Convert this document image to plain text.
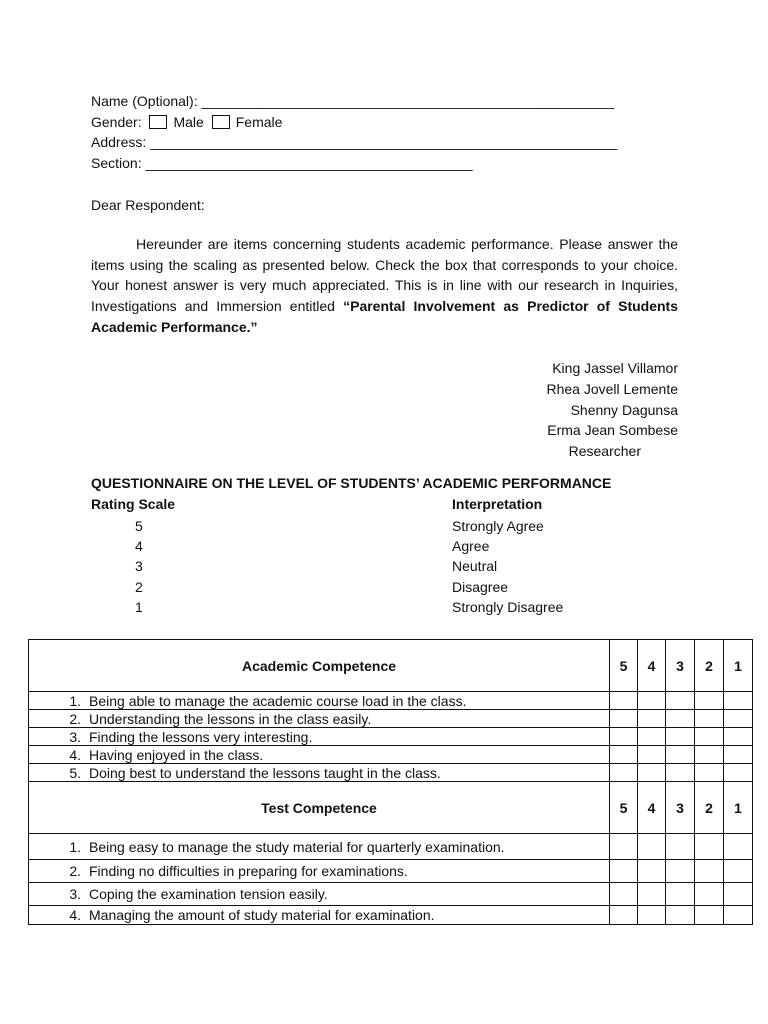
Name (Optional): _____________________________________________________
Gender: Male Female
Address: ____________________________________________________________
Section: __________________________________________
Dear Respondent:
Hereunder are items concerning students academic performance. Please answer the items using the scaling as presented below. Check the box that corresponds to your choice. Your honest answer is very much appreciated. This is in line with our research in Inquiries, Investigations and Immersion entitled “Parental Involvement as Predictor of Students Academic Performance.”
King Jassel Villamor
Rhea Jovell Lemente
Shenny Dagunsa
Erma Jean Sombese
Researcher
QUESTIONNAIRE ON THE LEVEL OF STUDENTS’ ACADEMIC PERFORMANCE
Rating Scale	Interpretation
5	Strongly Agree
4	Agree
3	Neutral
2	Disagree
1	Strongly Disagree
Academic Competence	5	4	3	2	1
1. Being able to manage the academic course load in the class.					
2. Understanding the lessons in the class easily.					
3. Finding the lessons very interesting.					
4. Having enjoyed in the class.					
5. Doing best to understand the lessons taught in the class.					
Test Competence	5	4	3	2	1
1. Being easy to manage the study material for quarterly examination.					
2. Finding no difficulties in preparing for examinations.					
3. Coping the examination tension easily.					
4. Managing the amount of study material for examination.					
